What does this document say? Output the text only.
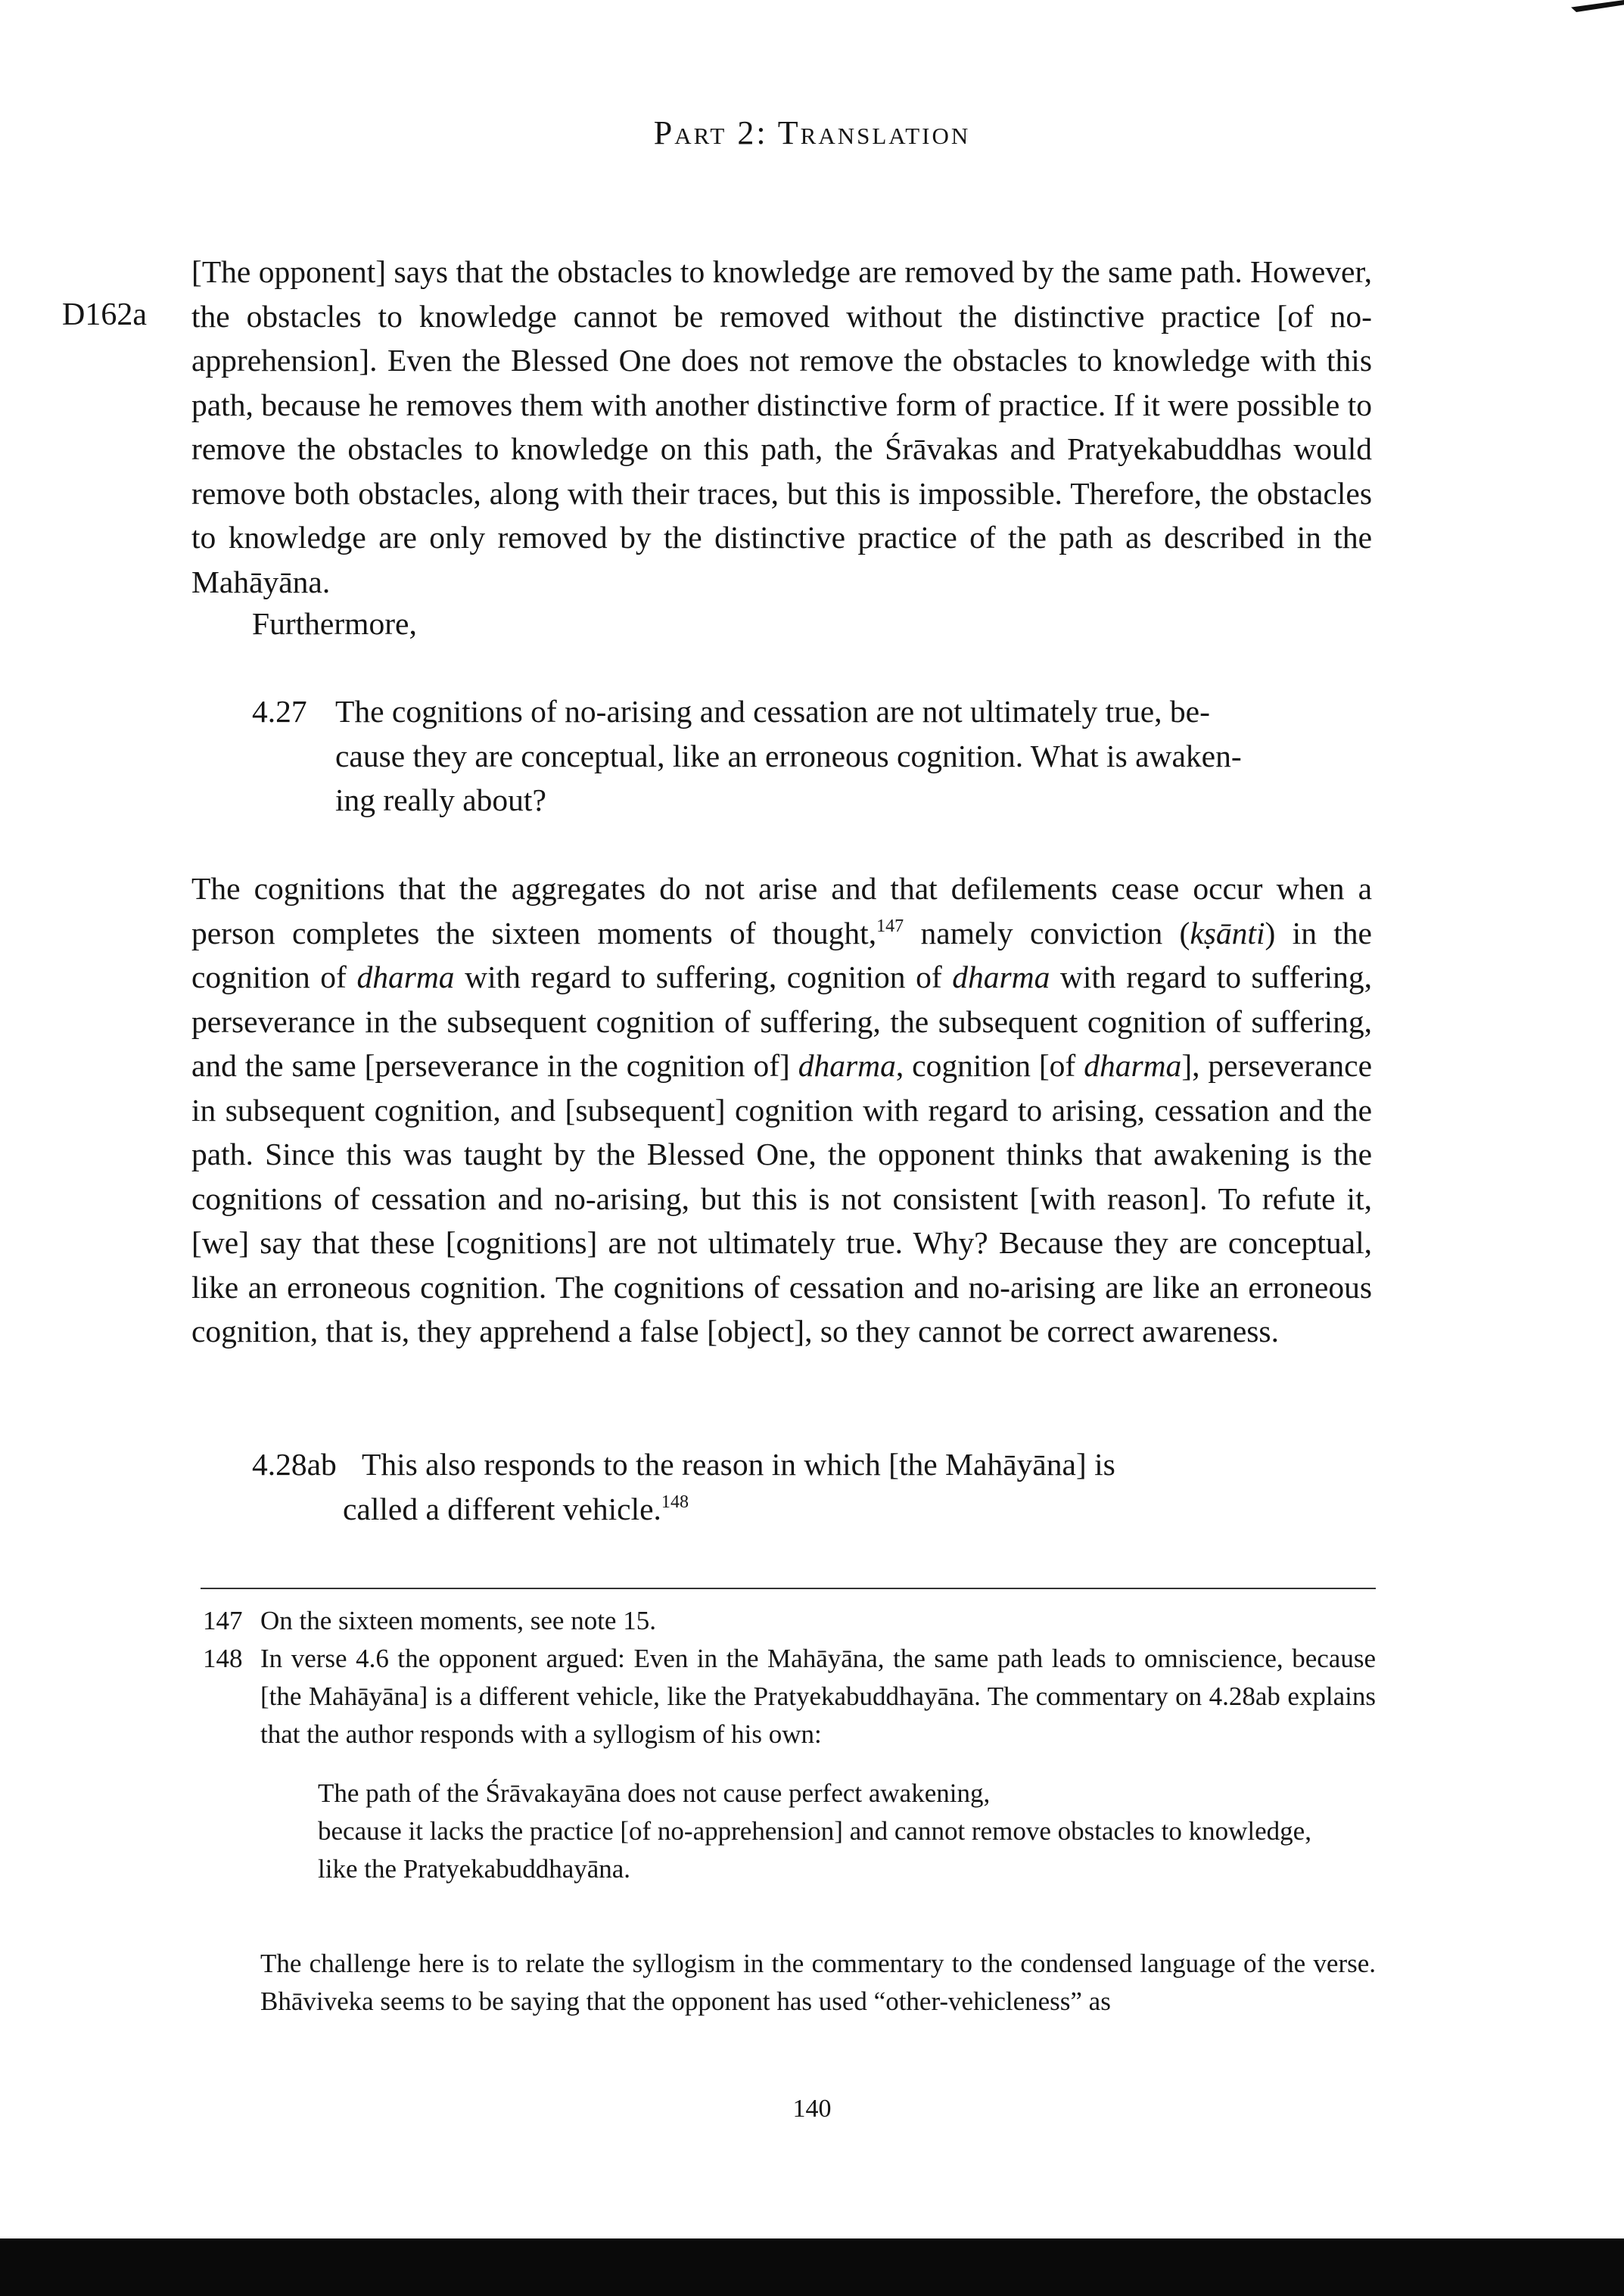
Part 2: Translation
D162a
[The opponent] says that the obstacles to knowledge are removed by the same path. However, the obstacles to knowledge cannot be removed without the distinctive practice [of no-apprehension]. Even the Blessed One does not remove the obstacles to knowledge with this path, because he removes them with another distinctive form of practice. If it were possible to remove the obstacles to knowledge on this path, the Śrāvakas and Pratyekabuddhas would remove both obstacles, along with their traces, but this is impossible. Therefore, the obstacles to knowledge are only removed by the distinctive practice of the path as described in the Mahāyāna.
Furthermore,
4.27 The cognitions of no-arising and cessation are not ultimately true, be-
cause they are conceptual, like an erroneous cognition. What is awaken-
ing really about?
The cognitions that the aggregates do not arise and that defilements cease occur when a person completes the sixteen moments of thought,$^{147}$ namely conviction (kṣānti) in the cognition of dharma with regard to suffering, cognition of dharma with regard to suffering, perseverance in the subsequent cognition of suffering, the subsequent cognition of suffering, and the same [perseverance in the cognition of] dharma, cognition [of dharma], perseverance in subsequent cognition, and [subsequent] cognition with regard to arising, cessation and the path. Since this was taught by the Blessed One, the opponent thinks that awakening is the cognitions of cessation and no-arising, but this is not consistent [with reason]. To refute it, [we] say that these [cognitions] are not ultimately true. Why? Because they are conceptual, like an erroneous cognition. The cognitions of cessation and no-arising are like an erroneous cognition, that is, they apprehend a false [object], so they cannot be correct awareness.
4.28ab This also responds to the reason in which [the Mahāyāna] is
called a different vehicle.$^{148}$
147 On the sixteen moments, see note 15.
148 In verse 4.6 the opponent argued: Even in the Mahāyāna, the same path leads to omniscience, because [the Mahāyāna] is a different vehicle, like the Pratyekabuddhayāna. The commentary on 4.28ab explains that the author responds with a syllogism of his own:
The path of the Śrāvakayāna does not cause perfect awakening,
because it lacks the practice [of no-apprehension] and cannot remove obstacles to knowledge,
like the Pratyekabuddhayāna.
The challenge here is to relate the syllogism in the commentary to the condensed language of the verse. Bhāviveka seems to be saying that the opponent has used “other-vehicleness” as
140
